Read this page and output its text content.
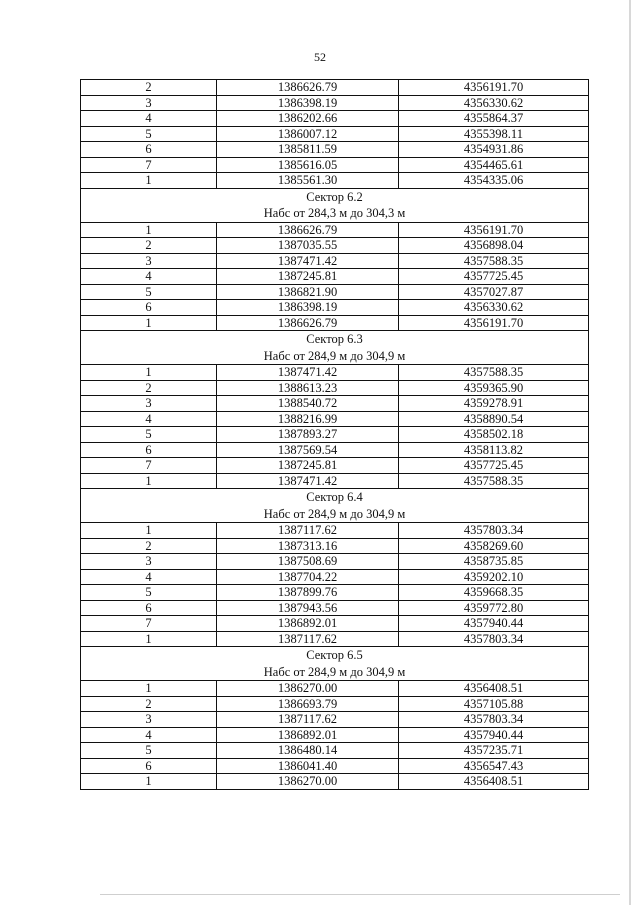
52
2	1386626.79	4356191.70
3	1386398.19	4356330.62
4	1386202.66	4355864.37
5	1386007.12	4355398.11
6	1385811.59	4354931.86
7	1385616.05	4354465.61
1	1385561.30	4354335.06

Сектор 6.2
Набс от 284,3 м до 304,3 м		

1	1386626.79	4356191.70
2	1387035.55	4356898.04
3	1387471.42	4357588.35
4	1387245.81	4357725.45
5	1386821.90	4357027.87
6	1386398.19	4356330.62
1	1386626.79	4356191.70

Сектор 6.3
Набс от 284,9 м до 304,9 м		

1	1387471.42	4357588.35
2	1388613.23	4359365.90
3	1388540.72	4359278.91
4	1388216.99	4358890.54
5	1387893.27	4358502.18
6	1387569.54	4358113.82
7	1387245.81	4357725.45
1	1387471.42	4357588.35

Сектор 6.4
Набс от 284,9 м до 304,9 м		

1	1387117.62	4357803.34
2	1387313.16	4358269.60
3	1387508.69	4358735.85
4	1387704.22	4359202.10
5	1387899.76	4359668.35
6	1387943.56	4359772.80
7	1386892.01	4357940.44
1	1387117.62	4357803.34

Сектор 6.5
Набс от 284,9 м до 304,9 м		

1	1386270.00	4356408.51
2	1386693.79	4357105.88
3	1387117.62	4357803.34
4	1386892.01	4357940.44
5	1386480.14	4357235.71
6	1386041.40	4356547.43
1	1386270.00	4356408.51
